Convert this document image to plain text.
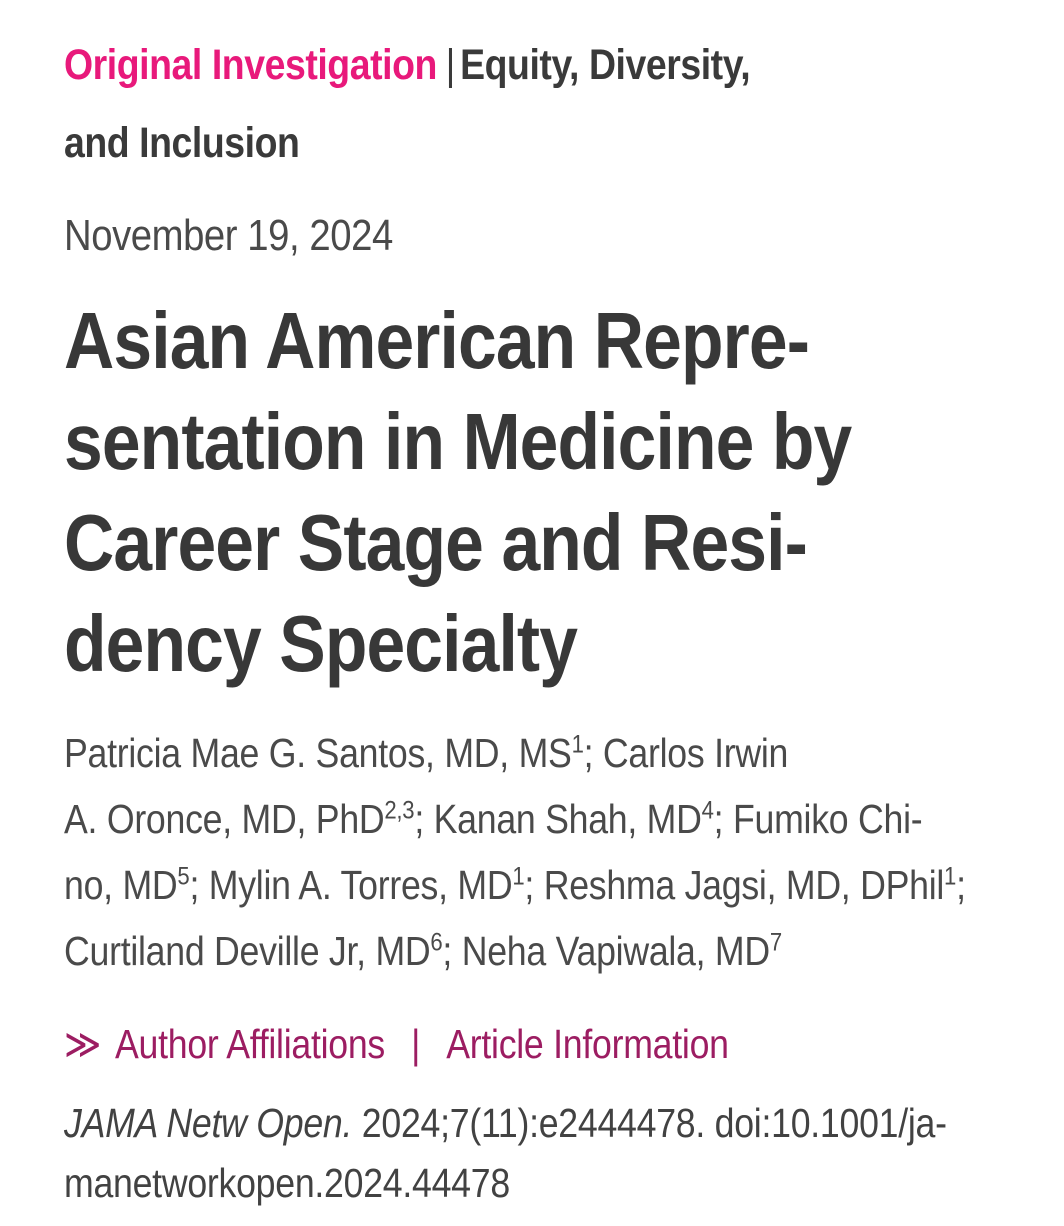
Original Investigation | Equity, Diversity,
and Inclusion
November 19, 2024
Asian American Repre-
sentation in Medicine by
Career Stage and Resi-
dency Specialty
Patricia Mae G. Santos, MD, $MS^1$; Carlos Irwin
A. Oronce, MD, PhD$^{2,3}$; Kanan Shah, $MD^4$; Fumiko Chi-
no, $MD^5$; Mylin A. Torres, $MD^1$; Reshma Jagsi, MD, DPhil$^1$;
Curtiland Deville Jr, $MD^6$; Neha Vapiwala, $MD^7$
≫ Author Affiliations | Article Information
JAMA Netw Open. 2024;7(11):e2444478. doi:10.1001/ja-
manetworkopen.2024.44478
